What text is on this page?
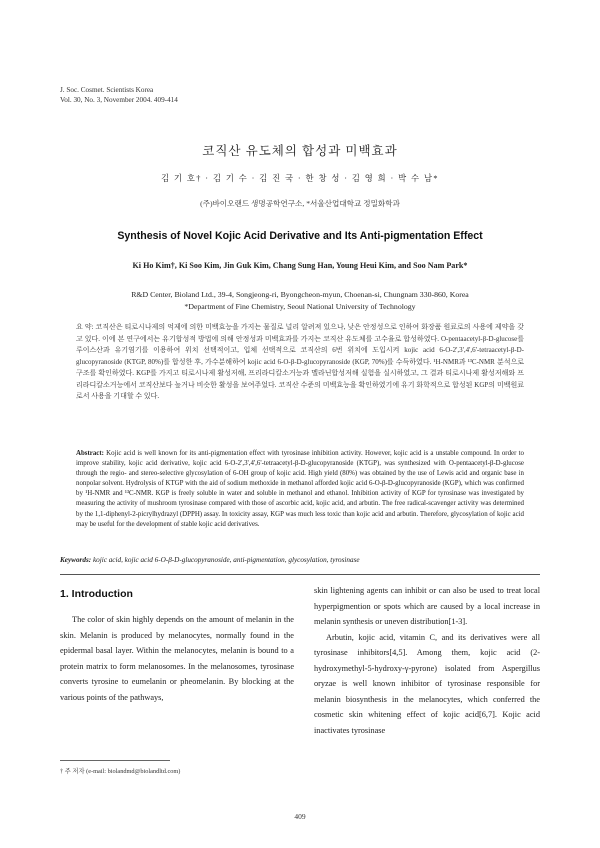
J. Soc. Cosmet. Scientists Korea
Vol. 30, No. 3, November 2004. 409-414
코직산 유도체의 합성과 미백효과
김 기 호† · 김 기 수 · 김 진 국 · 한 창 성 · 김 영 희 · 박 수 남*
(주)바이오랜드 생명공학연구소, *서울산업대학교 정밀화학과
Synthesis of Novel Kojic Acid Derivative and Its Anti-pigmentation Effect
Ki Ho Kim†, Ki Soo Kim, Jin Guk Kim, Chang Sung Han, Young Heui Kim, and Soo Nam Park*
R&D Center, Bioland Ltd., 39-4, Songjeong-ri, Byongcheon-myun, Choenan-si, Chungnam 330-860, Korea
*Department of Fine Chemistry, Seoul National University of Technology
요 약: 코직산은 티로시나제의 억제에 의한 미백효능을 가지는 물질로 널리 알려져 있으나, 낮은 안정성으로 인하여 화장품 원료로의 사용에 제약을 갖고 있다. 이에 본 연구에서는 유기합성적 방법에 의해 안정성과 미백효과를 가지는 코직산 유도체를 고수율로 합성하였다. O-pentaacetyl-β-D-glucose를 루이스산과 유기염기를 이용하여 위치 선택적이고, 입체 선택적으로 코직산의 6번 위치에 도입시켜 kojic acid 6-O-2',3',4',6'-tetraacetyl-β-D-glucopyranoside (KTGP, 80%)를 합성한 후, 가수분해하여 kojic acid 6-O-β-D-glucopyranoside (KGP, 70%)를 수득하였다. ¹H-NMR과 ¹³C-NMR 분석으로 구조를 확인하였다. KGP를 가지고 티로시나제 활성저해, 프리라디칼소거능과 멜라닌합성저해 실험을 실시하였고, 그 결과 티로시나제 활성저해와 프리라디칼소거능에서 코직산보다 높거나 비슷한 활성을 보여주었다. 코직산 수준의 미백효능을 확인하였기에 유기 화학적으로 합성된 KGP의 미백원료로서 사용을 기대할 수 있다.
Abstract: Kojic acid is well known for its anti-pigmentation effect with tyrosinase inhibition activity. However, kojic acid is a unstable compound. In order to improve stability, kojic acid derivative, kojic acid 6-O-2',3',4',6'-tetraacetyl-β-D-glucopyranoside (KTGP), was synthesized with O-pentaacetyl-β-D-glucose through the regio- and stereo-selective glycosylation of 6-OH group of kojic acid. High yield (80%) was obtained by the use of Lewis acid and organic base in nonpolar solvent. Hydrolysis of KTGP with the aid of sodium methoxide in methanol afforded kojic acid 6-O-β-D-glucopyranoside (KGP), which was confirmed by ¹H-NMR and ¹³C-NMR. KGP is freely soluble in water and soluble in methanol and ethanol. Inhibition activity of KGP for tyrosinase was investigated by measuring the activity of mushroom tyrosinase compared with those of ascorbic acid, kojic acid, and arbutin. The free radical-scavenger activity was determined by the 1,1-diphenyl-2-picrylhydrazyl (DPPH) assay. In toxicity assay, KGP was much less toxic than kojic acid and arbutin. Therefore, glycosylation of kojic acid may be useful for the development of stable kojic acid derivatives.
Keywords: kojic acid, kojic acid 6-O-β-D-glucopyranoside, anti-pigmentation, glycosylation, tyrosinase
1. Introduction

The color of skin highly depends on the amount of melanin in the skin. Melanin is produced by melanocytes, normally found in the epidermal basal layer. Within the melanocytes, melanin is bound to a protein matrix to form melanosomes. In the melanosomes, tyrosinase converts tyrosine to eumelanin or pheomelanin. By blocking at the various points of the pathways,

skin lightening agents can inhibit or can also be used to treat local hyperpigmention or spots which are caused by a local increase in melanin synthesis or uneven distribution[1-3].

Arbutin, kojic acid, vitamin C, and its derivatives were all tyrosinase inhibitors[4,5]. Among them, kojic acid (2-hydroxymethyl-5-hydroxy-γ-pyrone) isolated from Aspergillus oryzae is well known inhibitor of tyrosinase responsible for melanin biosynthesis in the melanocytes, which conferred the cosmetic skin whitening effect of kojic acid[6,7]. Kojic acid inactivates tyrosinase

† 주 저자 (e-mail: biolandmd@biolandltd.com)
409
